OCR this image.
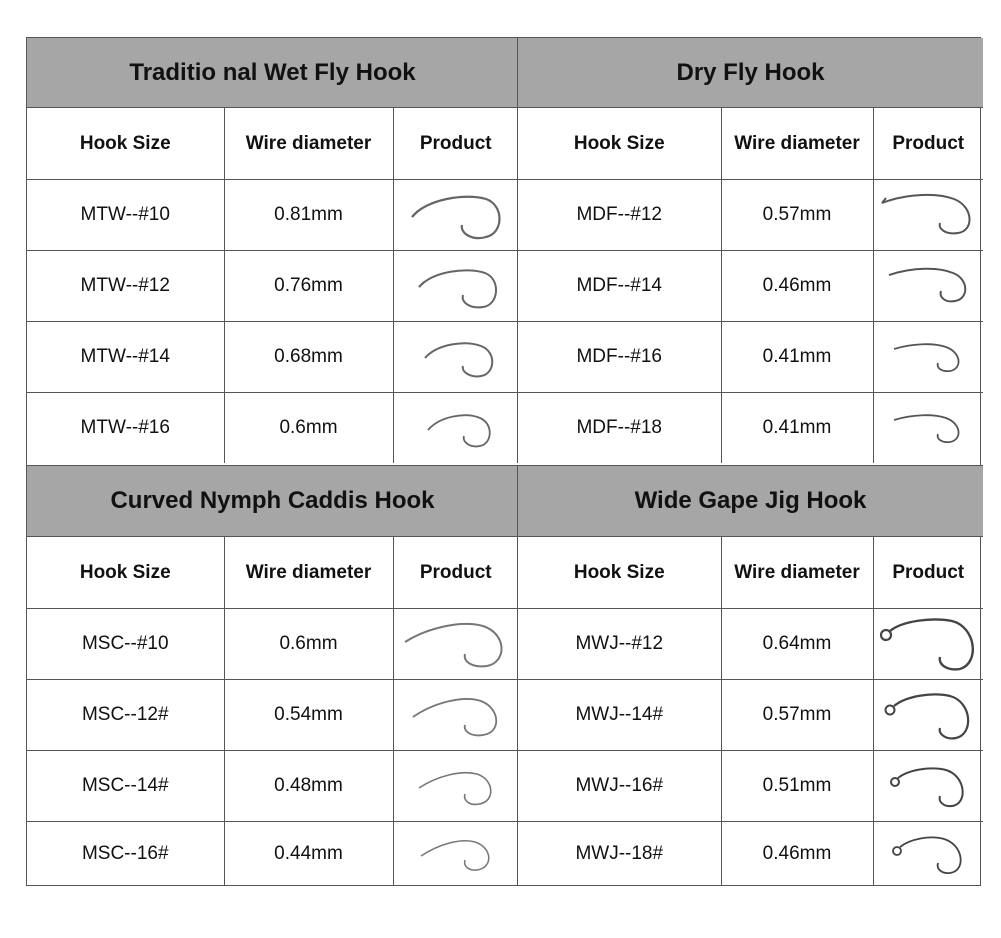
Traditio nal Wet Fly Hook
Hook Size	Wire diameter	Product
MTW--#10	0.81mm	

MTW--#12	0.76mm	

MTW--#14	0.68mm	

MTW--#16	0.6mm	
Dry Fly Hook
Hook Size	Wire diameter	Product
MDF--#12	0.57mm	

MDF--#14	0.46mm	

MDF--#16	0.41mm	

MDF--#18	0.41mm	
Curved Nymph Caddis Hook
Hook Size	Wire diameter	Product
MSC--#10	0.6mm	

MSC--12#	0.54mm	

MSC--14#	0.48mm	

MSC--16#	0.44mm	
Wide Gape Jig Hook
Hook Size	Wire diameter	Product
MWJ--#12	0.64mm	

MWJ--14#	0.57mm	

MWJ--16#	0.51mm	

MWJ--18#	0.46mm	
